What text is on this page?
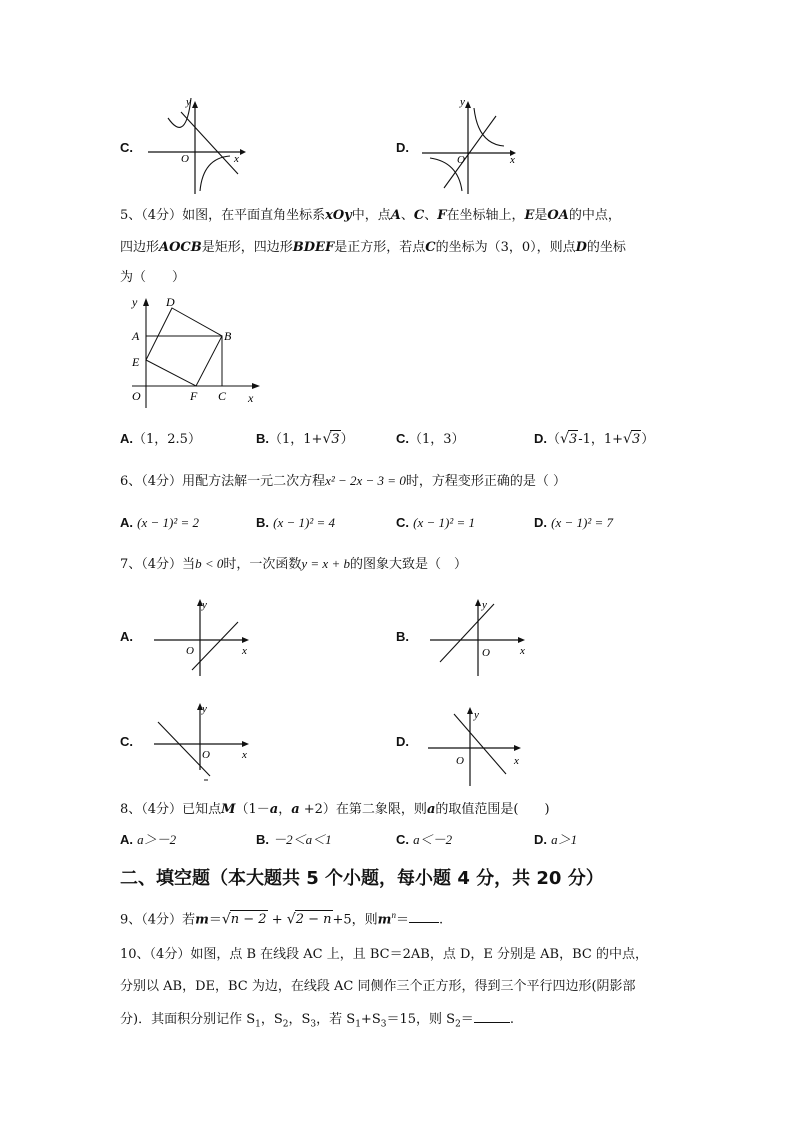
C.
y
x
O
D.
y
x
O
5、（4分）如图，在平面直角坐标系xOy中，点A、C、F在坐标轴上，E是OA的中点，
四边形AOCB是矩形，四边形BDEF是正方形，若点C的坐标为（3，0），则点D的坐标
为（　　）
y D
A	B
E
O	F C x
A.（1，2.5）	B.（1，1+√3）	C.（1，3）	D.（√3-1，1+√3）
6、（4分）用配方法解一元二次方程x² − 2x − 3 = 0时，方程变形正确的是（ ）
A. (x − 1)² = 2	B. (x − 1)² = 4	C. (x − 1)² = 1	D. (x − 1)² = 7
7、（4分）当b < 0时，一次函数y = x + b的图象大致是（　）
A.
y
x
O
B.
y
x
O
C.
y
x
O
D.
y
x
O
8、（4分）已知点M（1－a，a +2）在第二象限，则a的取值范围是(　　)
A. a＞－2	B. －2＜a＜1	C. a＜－2	D. a＞1
二、填空题（本大题共 5 个小题，每小题 4 分，共 20 分）
9、（4分）若m＝√n − 2 + √2 − n+5，则$m^n=$ .
10、（4分）如图，点 B 在线段 AC 上，且 BC＝2AB，点 D，E 分别是 AB，BC 的中点，
分别以 AB，DE，BC 为边，在线段 AC 同侧作三个正方形，得到三个平行四边形(阴影部
分)．其面积分别记作 $S_1$，$S_2$，$S_3$，若 $S_1+S_3=15$，则 $S_2=$	.
